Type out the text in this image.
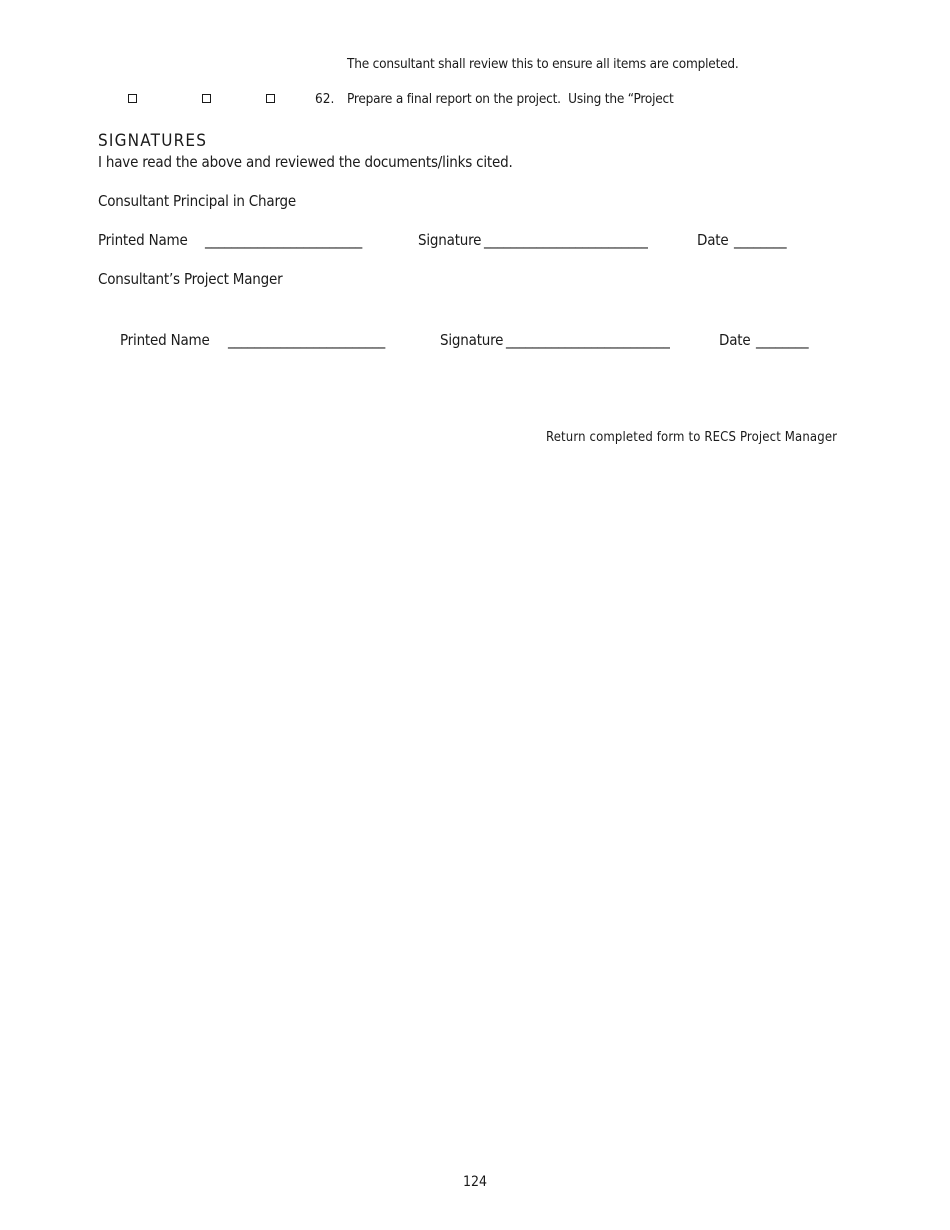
The consultant shall review this to ensure all items are completed.
62. Prepare a final report on the project.  Using the “Project
SIGNATURES
I have read the above and reviewed the documents/links cited.
Consultant Principal in Charge
Printed Name ________________________	Signature _________________________	Date ________
Consultant’s Project Manger
Printed Name ________________________	Signature _________________________	Date ________
Return completed form to RECS Project Manager
124
